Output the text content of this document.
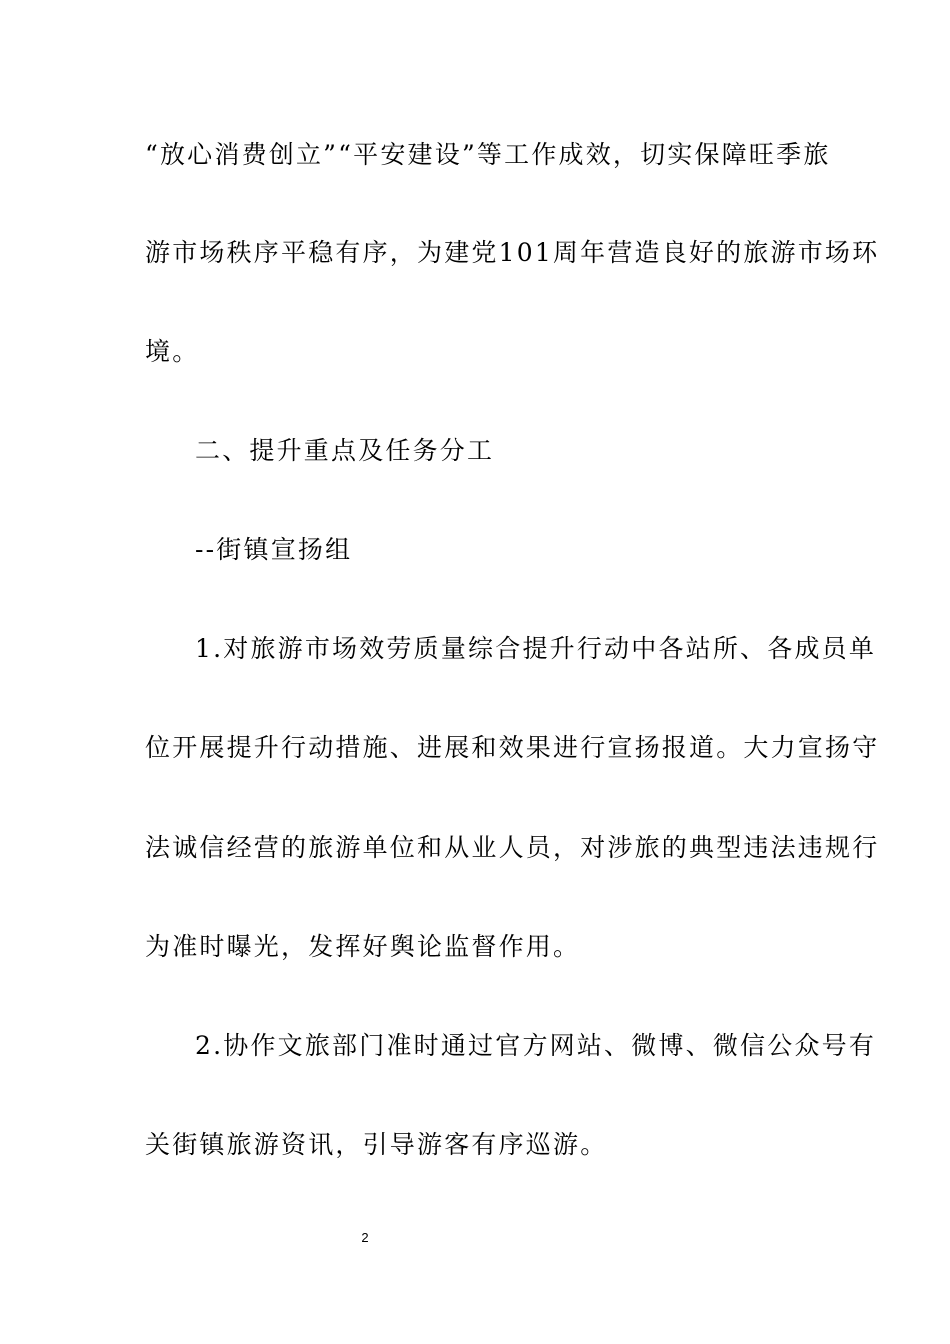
“放心消费创立”“平安建设”等工作成效，切实保障旺季旅
游市场秩序平稳有序，为建党101周年营造良好的旅游市场环
境。
二、提升重点及任务分工
--街镇宣扬组
1.对旅游市场效劳质量综合提升行动中各站所、各成员单
位开展提升行动措施、进展和效果进行宣扬报道。大力宣扬守
法诚信经营的旅游单位和从业人员，对涉旅的典型违法违规行
为准时曝光，发挥好舆论监督作用。
2.协作文旅部门准时通过官方网站、微博、微信公众号有
关街镇旅游资讯，引导游客有序巡游。
2
